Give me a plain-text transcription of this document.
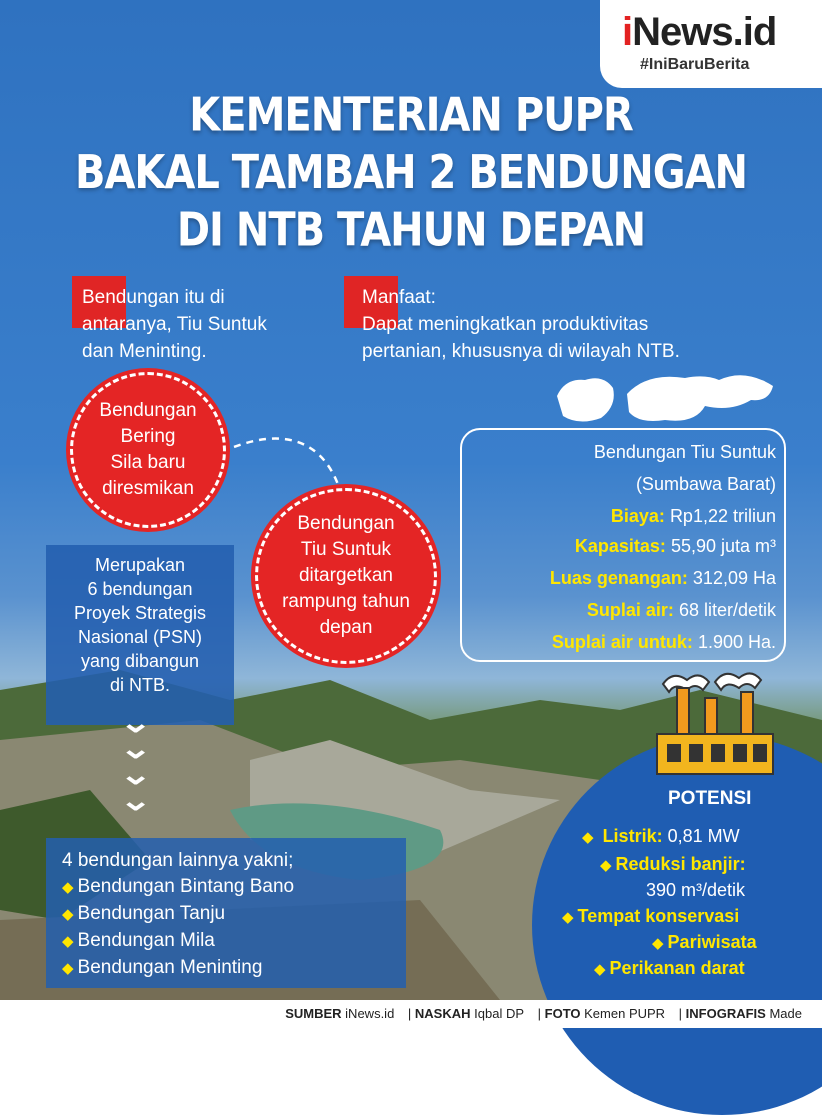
iNews.id
#IniBaruBerita
KEMENTERIAN PUPR
BAKAL TAMBAH 2 BENDUNGAN
DI NTB TAHUN DEPAN
Bendungan itu di
antaranya, Tiu Suntuk
dan Meninting.
Manfaat:
Dapat meningkatkan produktivitas
pertanian, khususnya di wilayah NTB.
Bendungan
Bering
Sila baru
diresmikan
Bendungan
Tiu Suntuk
ditargetkan
rampung tahun
depan
Bendungan Tiu Suntuk
(Sumbawa Barat)
Biaya: Rp1,22 triliun
Kapasitas: 55,90 juta m³
Luas genangan: 312,09 Ha
Suplai air: 68 liter/detik
Suplai air untuk: 1.900 Ha.
Merupakan
6 bendungan
Proyek Strategis
Nasional (PSN)
yang dibangun
di NTB.
⌄
⌄
⌄
⌄
4 bendungan lainnya yakni;
◆ Bendungan Bintang Bano
◆ Bendungan Tanju
◆ Bendungan Mila
◆ Bendungan Meninting
POTENSI
◆ Listrik: 0,81 MW
◆ Reduksi banjir:
390 m³/detik
◆ Tempat konservasi
◆ Pariwisata
◆ Perikanan darat
SUMBER iNews.id | NASKAH Iqbal DP | FOTO Kemen PUPR | INFOGRAFIS Made
